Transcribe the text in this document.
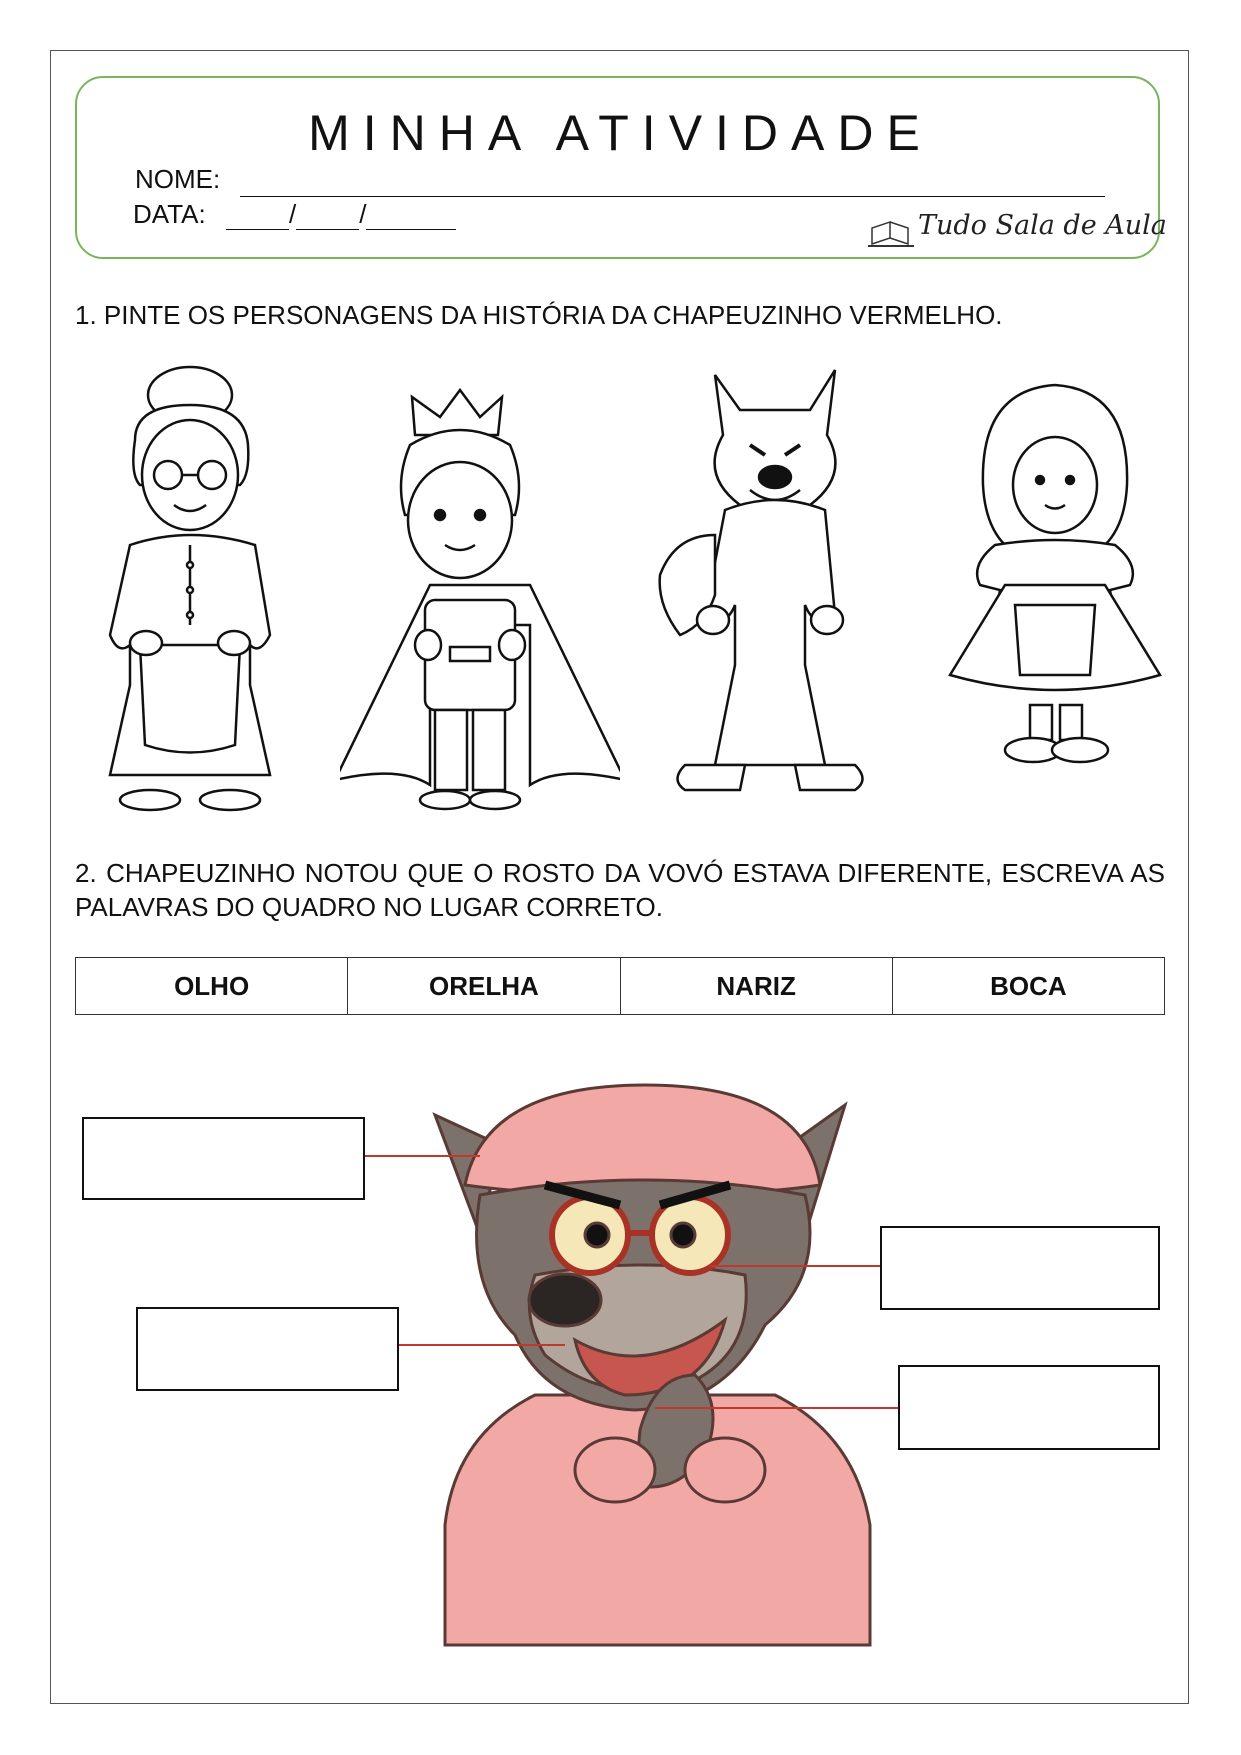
MINHA ATIVIDADE
NOME:
DATA:	/ /	Tudo Sala de Aula
1. PINTE OS PERSONAGENS DA HISTÓRIA DA CHAPEUZINHO VERMELHO.
2. CHAPEUZINHO NOTOU QUE O ROSTO DA VOVÓ ESTAVA DIFERENTE, ESCREVA AS PALAVRAS DO QUADRO NO LUGAR CORRETO.
OLHO	ORELHA	NARIZ	BOCA
